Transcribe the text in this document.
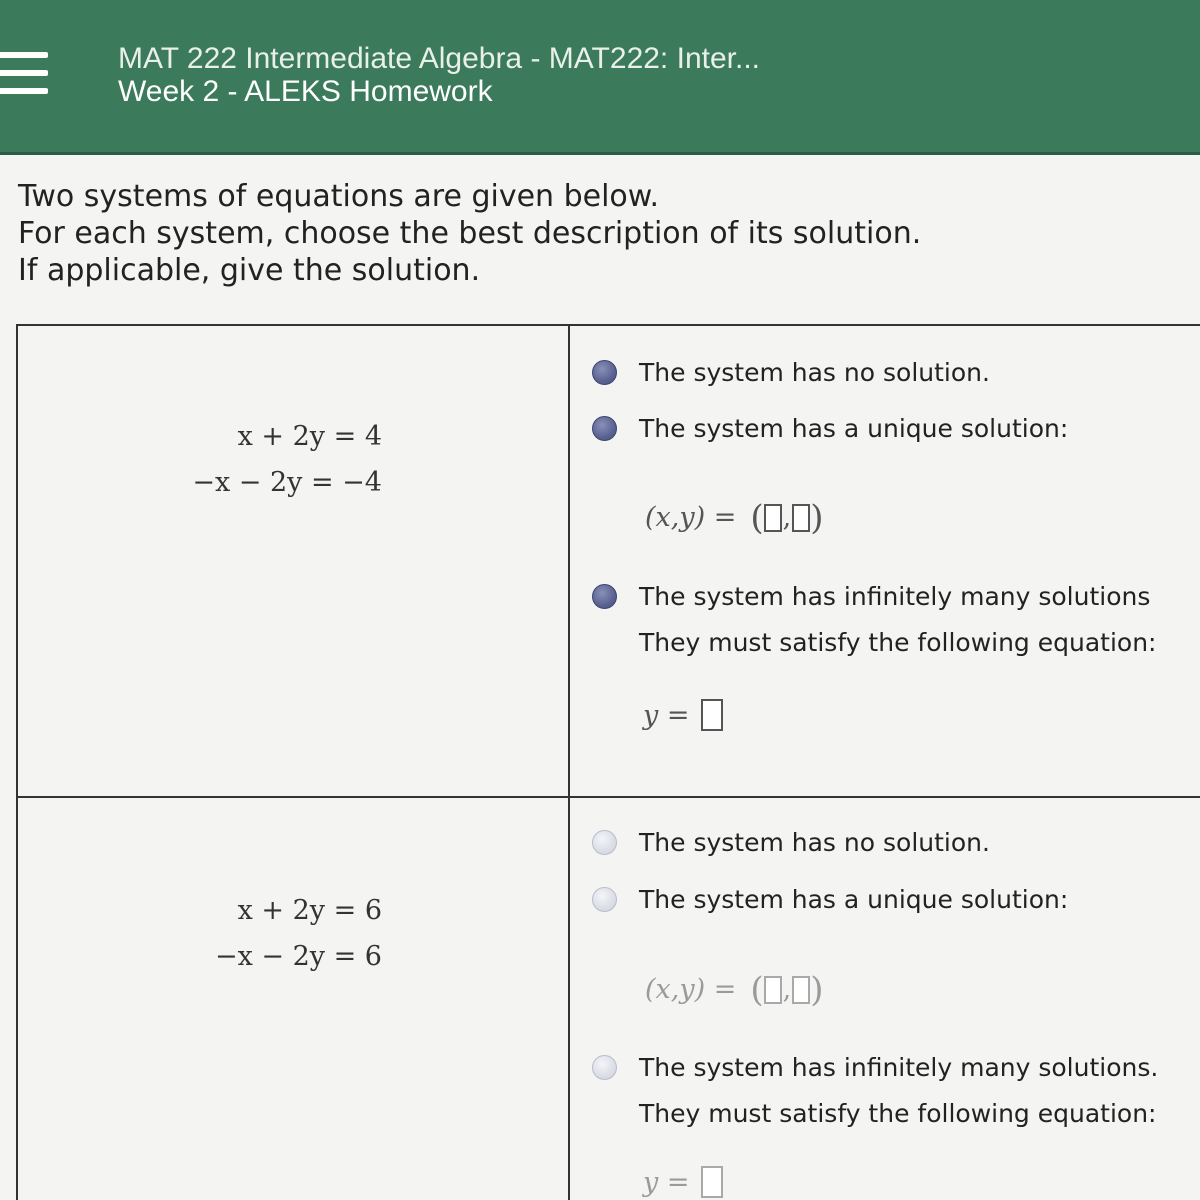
MAT 222 Intermediate Algebra - MAT222: Inter...
Week 2 - ALEKS Homework
Two systems of equations are given below.
For each system, choose the best description of its solution.
If applicable, give the solution.
x + 2y = 4
−x − 2y = −4
The system has no solution.
The system has a unique solution:
(x,y) = ( , )
The system has infinitely many solutions
They must satisfy the following equation:
y =
x + 2y = 6
−x − 2y = 6
The system has no solution.
The system has a unique solution:
(x,y) = ( , )
The system has infinitely many solutions.
They must satisfy the following equation:
y =
